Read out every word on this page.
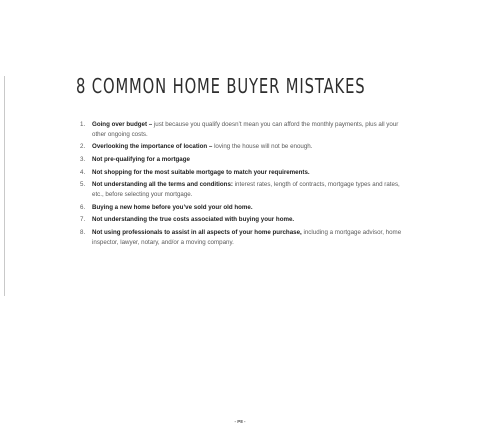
8 COMMON HOME BUYER MISTAKES
1. Going over budget – just because you qualify doesn’t mean you can afford the monthly payments, plus all your other ongoing costs.
2. Overlooking the importance of location – loving the house will not be enough.
3. Not pre-qualifying for a mortgage
4. Not shopping for the most suitable mortgage to match your requirements.
5. Not understanding all the terms and conditions: interest rates, length of contracts, mortgage types and rates, etc., before selecting your mortgage.
6. Buying a new home before you’ve sold your old home.
7. Not understanding the true costs associated with buying your home.
8. Not using professionals to assist in all aspects of your home purchase, including a mortgage advisor, home inspector, lawyer, notary, and/or a moving company.
- P8 -
